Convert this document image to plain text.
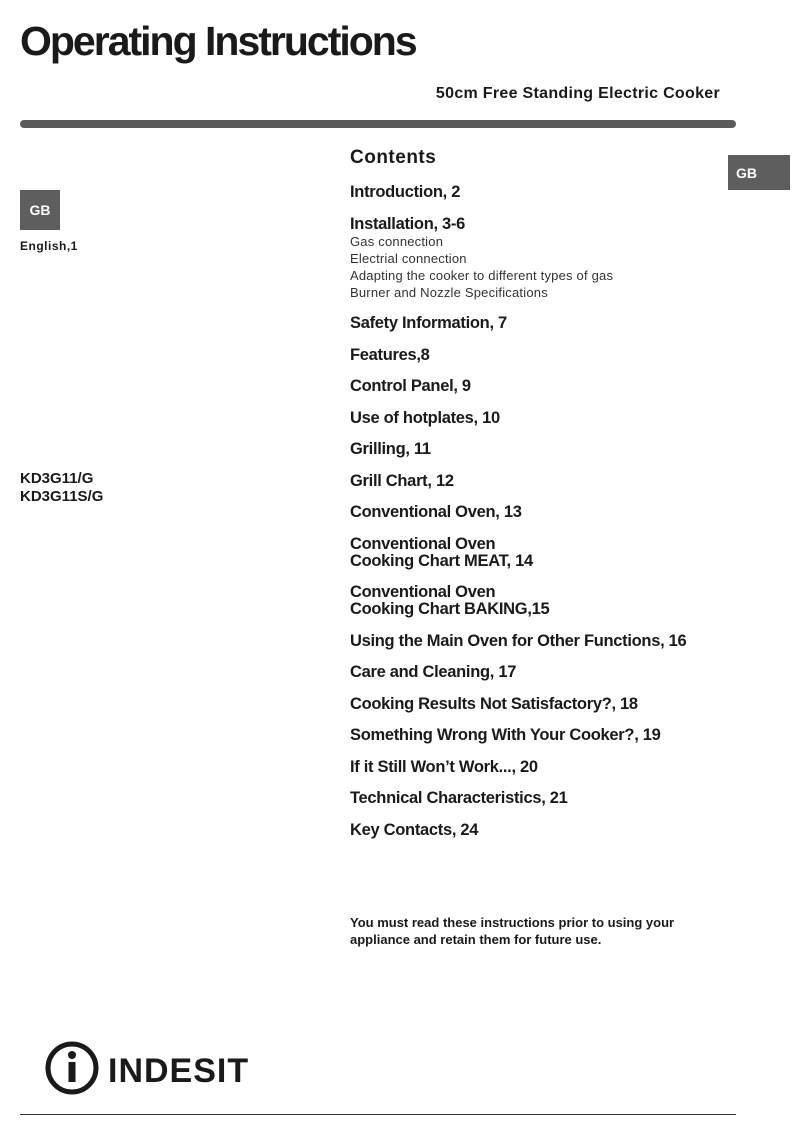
Operating Instructions
50cm Free Standing Electric Cooker
GB
GB
English,1
KD3G11/G
KD3G11S/G
Contents
Introduction, 2
Installation, 3-6
Gas connection
Electrial connection
Adapting the cooker to different types of gas
Burner and Nozzle Specifications
Safety Information, 7
Features,8
Control Panel, 9
Use of hotplates, 10
Grilling, 11
Grill Chart, 12
Conventional Oven, 13
Conventional Oven
Cooking Chart MEAT, 14
Conventional Oven
Cooking Chart BAKING,15
Using the Main Oven for Other Functions, 16
Care and Cleaning, 17
Cooking Results Not Satisfactory?, 18
Something Wrong With Your Cooker?, 19
If it Still Won’t Work..., 20
Technical Characteristics, 21
Key Contacts, 24
You must read these instructions prior to using your
appliance and retain them for future use.
INDESIT
